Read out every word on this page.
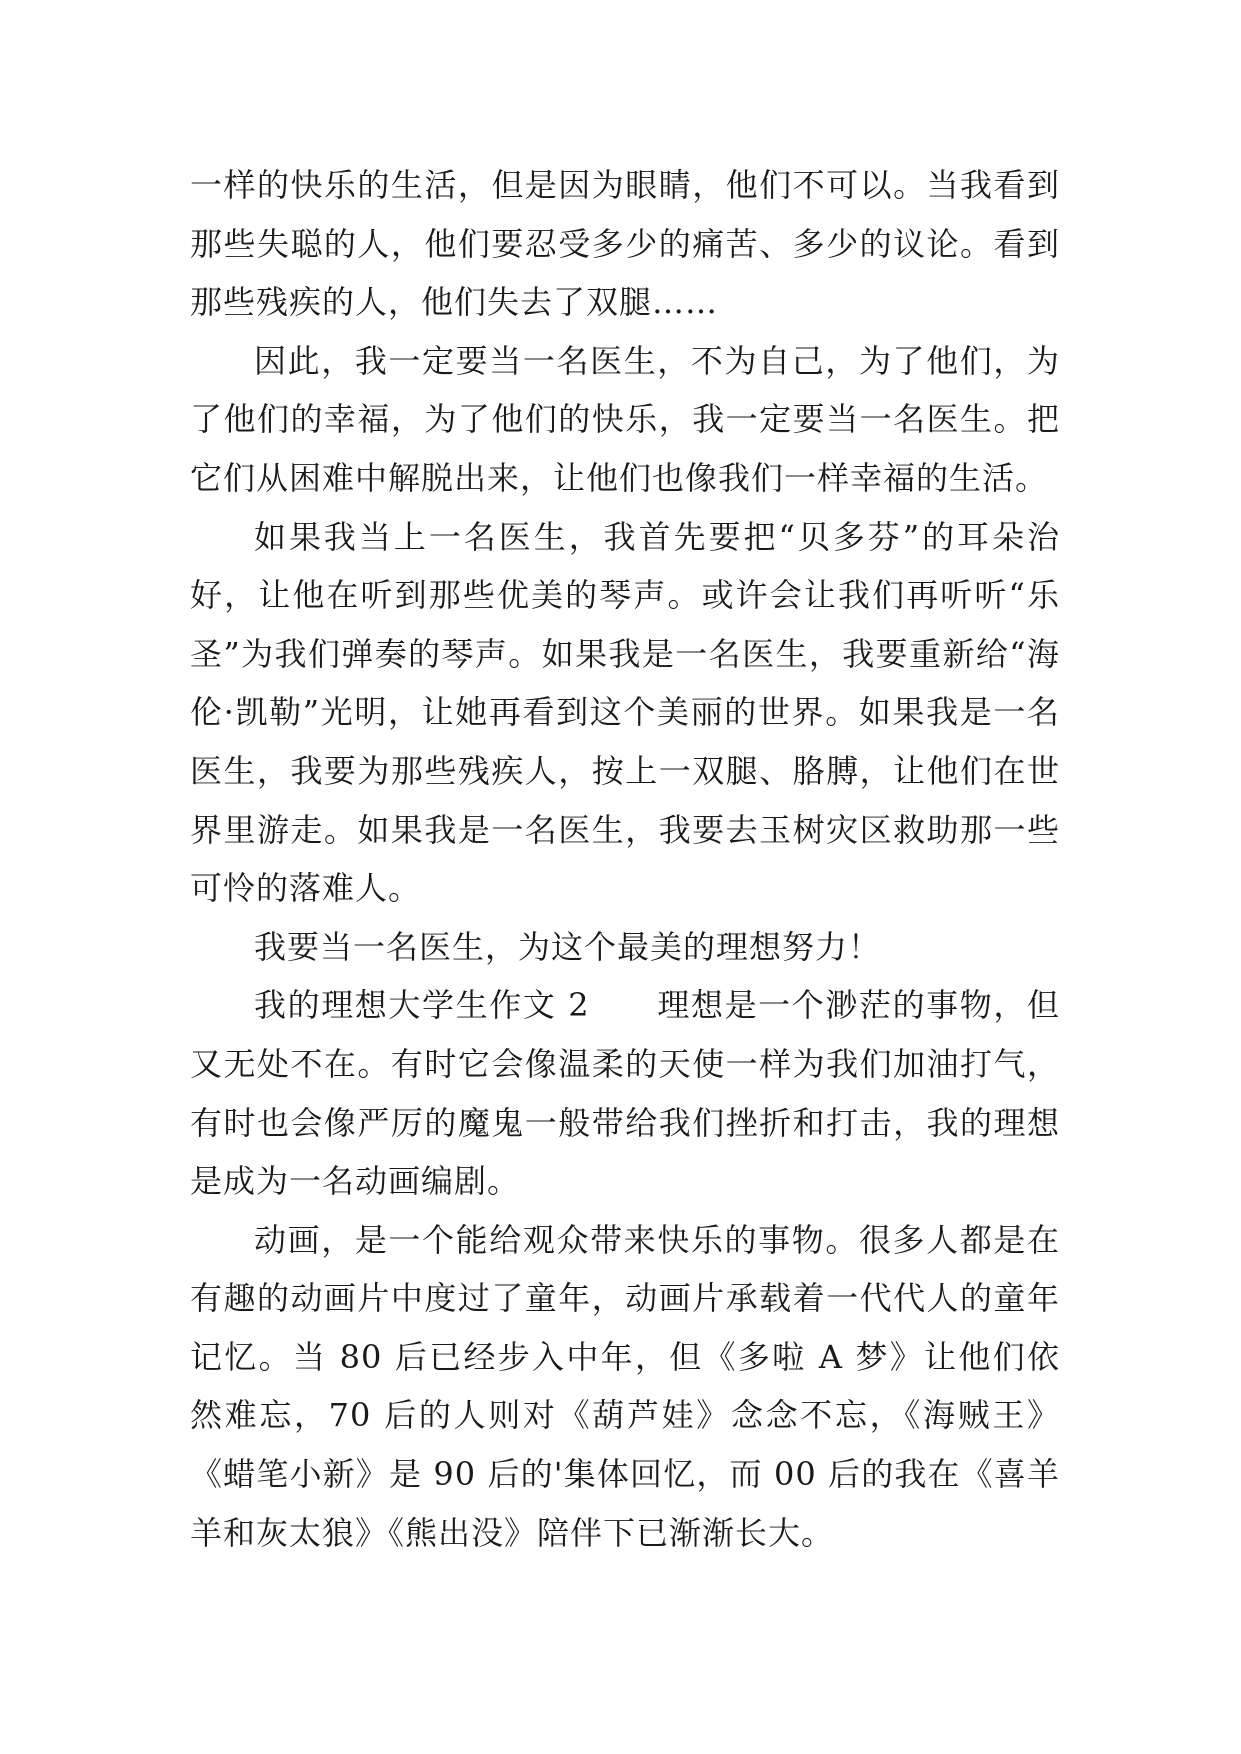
一样的快乐的生活，但是因为眼睛，他们不可以。当我看到那些失聪的人，他们要忍受多少的痛苦、多少的议论。看到那些残疾的人，他们失去了双腿……

因此，我一定要当一名医生，不为自己，为了他们，为了他们的幸福，为了他们的快乐，我一定要当一名医生。把它们从困难中解脱出来，让他们也像我们一样幸福的生活。

如果我当上一名医生，我首先要把“贝多芬”的耳朵治好，让他在听到那些优美的琴声。或许会让我们再听听“乐圣”为我们弹奏的琴声。如果我是一名医生，我要重新给“海伦·凯勒”光明，让她再看到这个美丽的世界。如果我是一名医生，我要为那些残疾人，按上一双腿、胳膊，让他们在世界里游走。如果我是一名医生，我要去玉树灾区救助那一些可怜的落难人。

我要当一名医生，为这个最美的理想努力！

我的理想大学生作文 2　　理想是一个渺茫的事物，但又无处不在。有时它会像温柔的天使一样为我们加油打气，有时也会像严厉的魔鬼一般带给我们挫折和打击，我的理想是成为一名动画编剧。

动画，是一个能给观众带来快乐的事物。很多人都是在有趣的动画片中度过了童年，动画片承载着一代代人的童年记忆。当 80 后已经步入中年，但《多啦 A 梦》让他们依然难忘，70 后的人则对《葫芦娃》念念不忘，《海贼王》《蜡笔小新》是 90 后的'集体回忆，而 00 后的我在《喜羊羊和灰太狼》《熊出没》陪伴下已渐渐长大。
